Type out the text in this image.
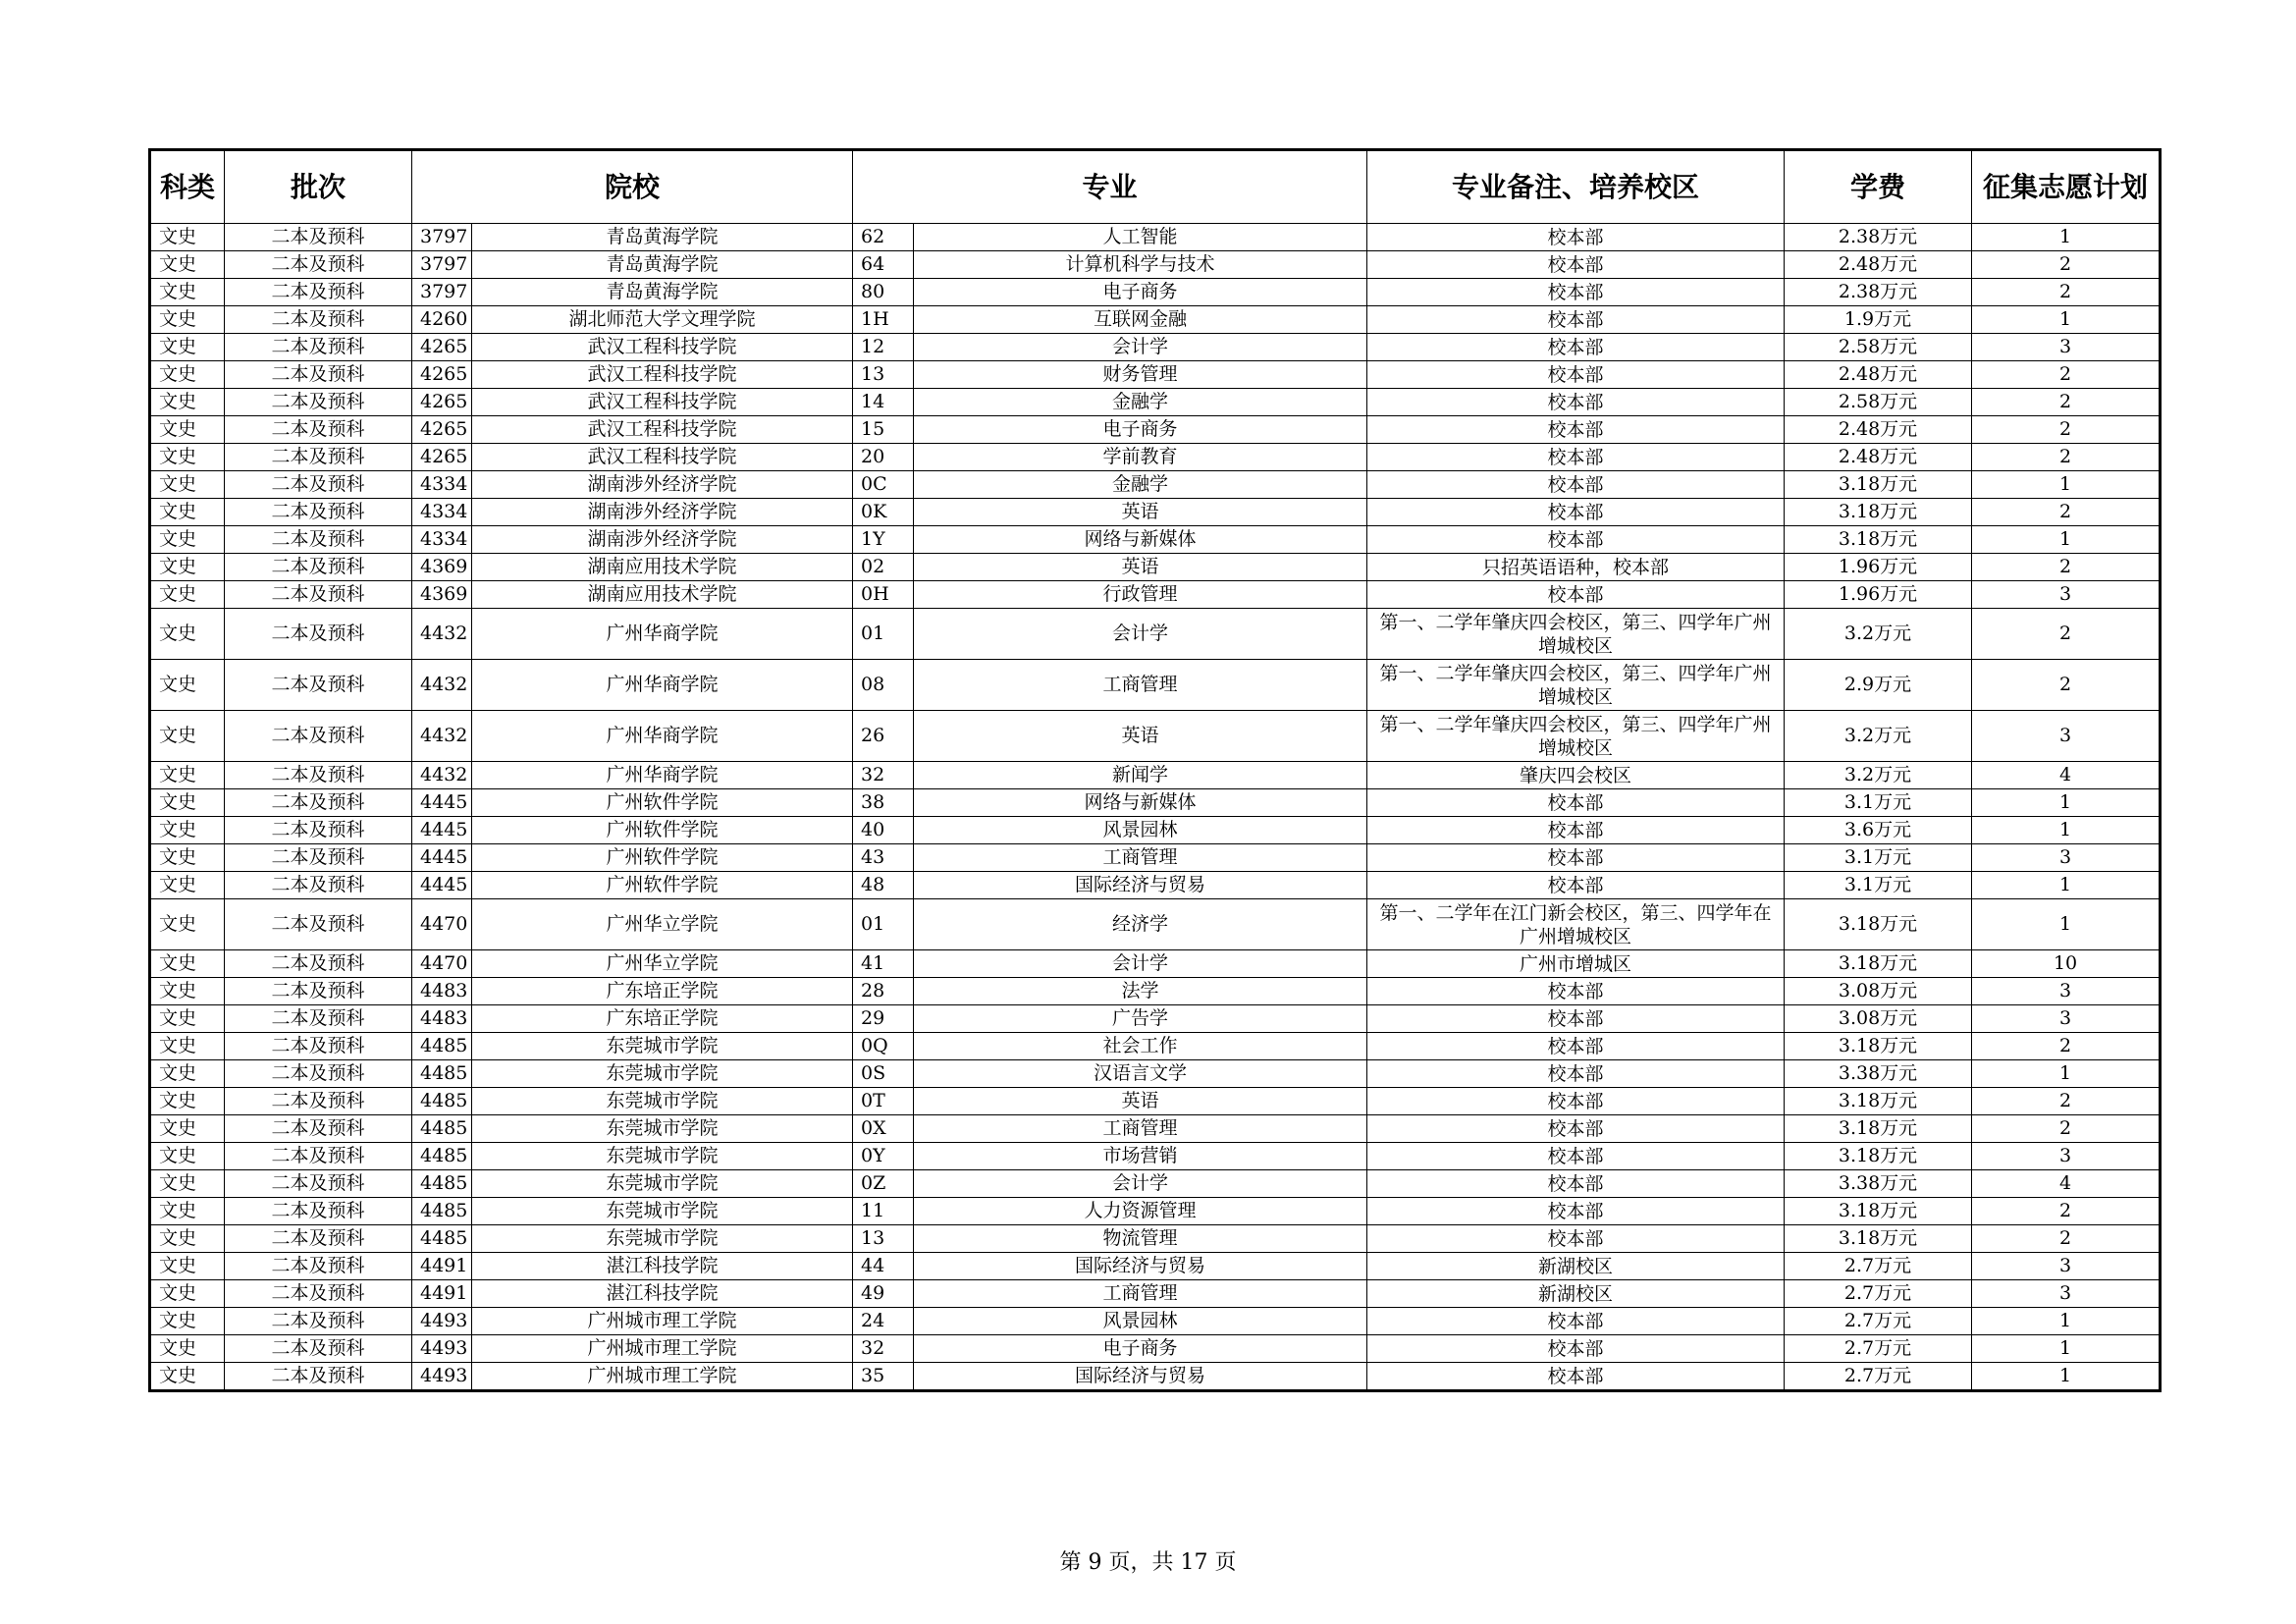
科类	批次	院校		专业		专业备注、培养校区	学费	征集志愿计划
文史	二本及预科	3797	青岛黄海学院	62	人工智能	校本部	2.38万元	1
文史	二本及预科	3797	青岛黄海学院	64	计算机科学与技术	校本部	2.48万元	2
文史	二本及预科	3797	青岛黄海学院	80	电子商务	校本部	2.38万元	2
文史	二本及预科	4260	湖北师范大学文理学院	1H	互联网金融	校本部	1.9万元	1
文史	二本及预科	4265	武汉工程科技学院	12	会计学	校本部	2.58万元	3
文史	二本及预科	4265	武汉工程科技学院	13	财务管理	校本部	2.48万元	2
文史	二本及预科	4265	武汉工程科技学院	14	金融学	校本部	2.58万元	2
文史	二本及预科	4265	武汉工程科技学院	15	电子商务	校本部	2.48万元	2
文史	二本及预科	4265	武汉工程科技学院	20	学前教育	校本部	2.48万元	2
文史	二本及预科	4334	湖南涉外经济学院	0C	金融学	校本部	3.18万元	1
文史	二本及预科	4334	湖南涉外经济学院	0K	英语	校本部	3.18万元	2
文史	二本及预科	4334	湖南涉外经济学院	1Y	网络与新媒体	校本部	3.18万元	1
文史	二本及预科	4369	湖南应用技术学院	02	英语	只招英语语种，校本部	1.96万元	2
文史	二本及预科	4369	湖南应用技术学院	0H	行政管理	校本部	1.96万元	3
文史	二本及预科	4432	广州华商学院	01	会计学	第一、二学年肇庆四会校区，第三、四学年广州增城校区	3.2万元	2
文史	二本及预科	4432	广州华商学院	08	工商管理	第一、二学年肇庆四会校区，第三、四学年广州增城校区	2.9万元	2
文史	二本及预科	4432	广州华商学院	26	英语	第一、二学年肇庆四会校区，第三、四学年广州增城校区	3.2万元	3
文史	二本及预科	4432	广州华商学院	32	新闻学	肇庆四会校区	3.2万元	4
文史	二本及预科	4445	广州软件学院	38	网络与新媒体	校本部	3.1万元	1
文史	二本及预科	4445	广州软件学院	40	风景园林	校本部	3.6万元	1
文史	二本及预科	4445	广州软件学院	43	工商管理	校本部	3.1万元	3
文史	二本及预科	4445	广州软件学院	48	国际经济与贸易	校本部	3.1万元	1
文史	二本及预科	4470	广州华立学院	01	经济学	第一、二学年在江门新会校区，第三、四学年在广州增城校区	3.18万元	1
文史	二本及预科	4470	广州华立学院	41	会计学	广州市增城区	3.18万元	10
文史	二本及预科	4483	广东培正学院	28	法学	校本部	3.08万元	3
文史	二本及预科	4483	广东培正学院	29	广告学	校本部	3.08万元	3
文史	二本及预科	4485	东莞城市学院	0Q	社会工作	校本部	3.18万元	2
文史	二本及预科	4485	东莞城市学院	0S	汉语言文学	校本部	3.38万元	1
文史	二本及预科	4485	东莞城市学院	0T	英语	校本部	3.18万元	2
文史	二本及预科	4485	东莞城市学院	0X	工商管理	校本部	3.18万元	2
文史	二本及预科	4485	东莞城市学院	0Y	市场营销	校本部	3.18万元	3
文史	二本及预科	4485	东莞城市学院	0Z	会计学	校本部	3.38万元	4
文史	二本及预科	4485	东莞城市学院	11	人力资源管理	校本部	3.18万元	2
文史	二本及预科	4485	东莞城市学院	13	物流管理	校本部	3.18万元	2
文史	二本及预科	4491	湛江科技学院	44	国际经济与贸易	新湖校区	2.7万元	3
文史	二本及预科	4491	湛江科技学院	49	工商管理	新湖校区	2.7万元	3
文史	二本及预科	4493	广州城市理工学院	24	风景园林	校本部	2.7万元	1
文史	二本及预科	4493	广州城市理工学院	32	电子商务	校本部	2.7万元	1
文史	二本及预科	4493	广州城市理工学院	35	国际经济与贸易	校本部	2.7万元	1
第 9 页，共 17 页
